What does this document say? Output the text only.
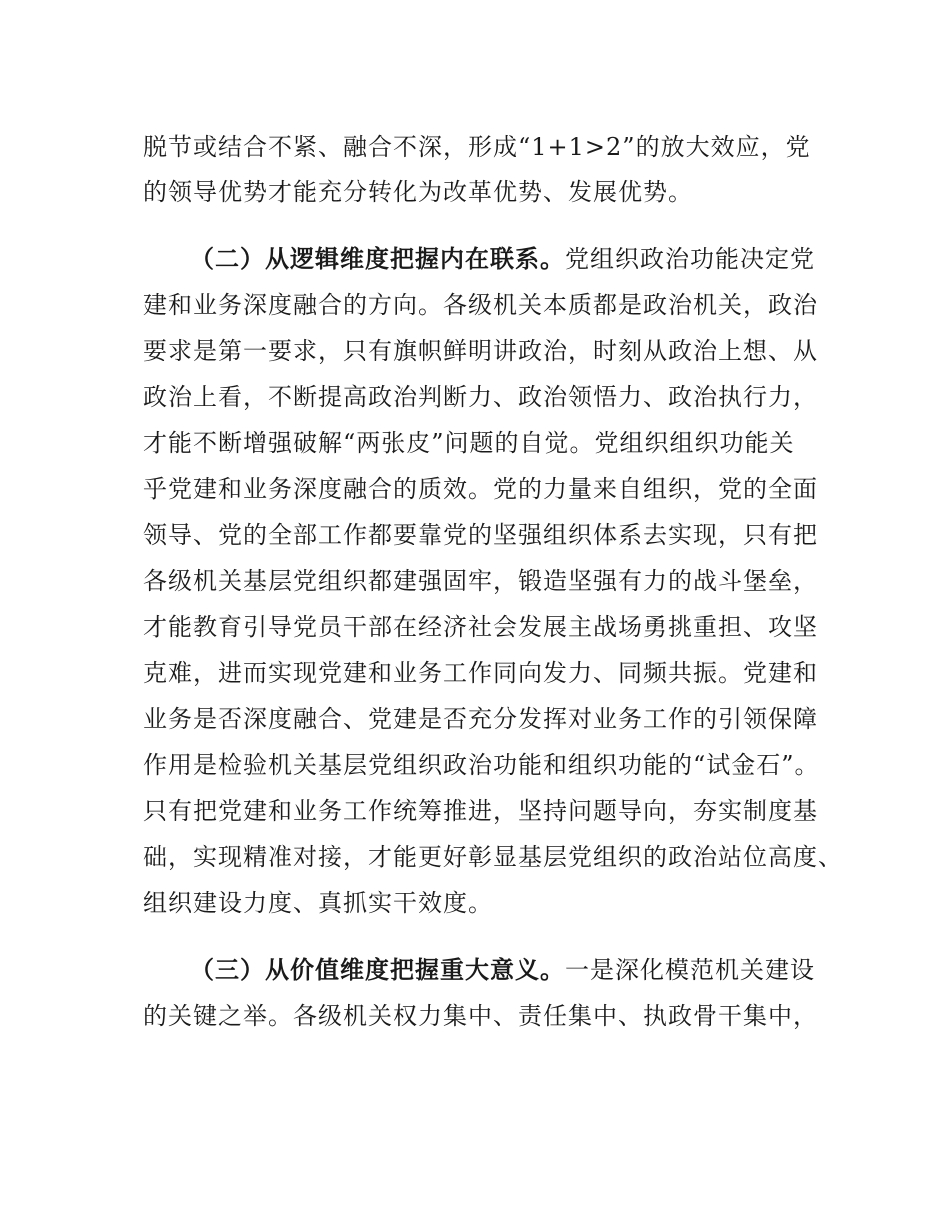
脱节或结合不紧、融合不深，形成“1+1>2”的放大效应，党
的领导优势才能充分转化为改革优势、发展优势。
（二）从逻辑维度把握内在联系。党组织政治功能决定党
建和业务深度融合的方向。各级机关本质都是政治机关，政治
要求是第一要求，只有旗帜鲜明讲政治，时刻从政治上想、从
政治上看，不断提高政治判断力、政治领悟力、政治执行力，
才能不断增强破解“两张皮”问题的自觉。党组织组织功能关
乎党建和业务深度融合的质效。党的力量来自组织，党的全面
领导、党的全部工作都要靠党的坚强组织体系去实现，只有把
各级机关基层党组织都建强固牢，锻造坚强有力的战斗堡垒，
才能教育引导党员干部在经济社会发展主战场勇挑重担、攻坚
克难，进而实现党建和业务工作同向发力、同频共振。党建和
业务是否深度融合、党建是否充分发挥对业务工作的引领保障
作用是检验机关基层党组织政治功能和组织功能的“试金石”。
只有把党建和业务工作统筹推进，坚持问题导向，夯实制度基
础，实现精准对接，才能更好彰显基层党组织的政治站位高度、
组织建设力度、真抓实干效度。
（三）从价值维度把握重大意义。一是深化模范机关建设
的关键之举。各级机关权力集中、责任集中、执政骨干集中，
